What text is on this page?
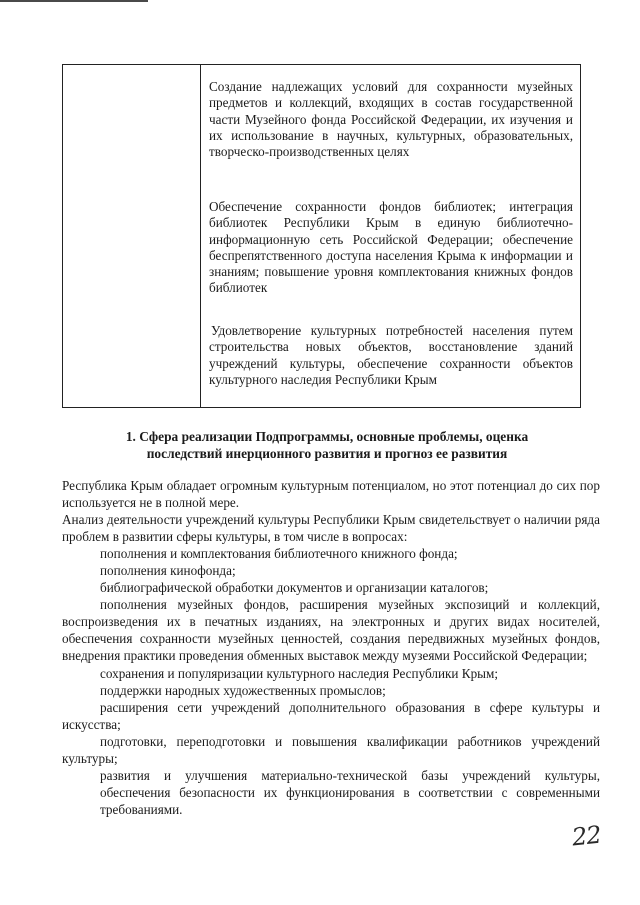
Создание надлежащих условий для сохранности музейных предметов и коллекций, входящих в состав государственной части Музейного фонда Российской Федерации, их изучения и их использование в научных, культурных, образовательных, творческо-производственных целях
Обеспечение сохранности фондов библиотек; интеграция библиотек Республики Крым в единую библиотечно-информационную сеть Российской Федерации; обеспечение беспрепятственного доступа населения Крыма к информации и знаниям; повышение уровня комплектования книжных фондов библиотек
Удовлетворение культурных потребностей населения путем строительства новых объектов, восстановление зданий учреждений культуры, обеспечение сохранности объектов культурного наследия Республики Крым
1. Сфера реализации Подпрограммы, основные проблемы, оценка
последствий инерционного развития и прогноз ее развития

Республика Крым обладает огромным культурным потенциалом, но этот потенциал до сих пор используется не в полной мере.

Анализ деятельности учреждений культуры Республики Крым свидетельствует о наличии ряда проблем в развитии сферы культуры, в том числе в вопросах:

пополнения и комплектования библиотечного книжного фонда;

пополнения кинофонда;

библиографической обработки документов и организации каталогов;

пополнения музейных фондов, расширения музейных экспозиций и коллекций, воспроизведения их в печатных изданиях, на электронных и других видах носителей, обеспечения сохранности музейных ценностей, создания передвижных музейных фондов, внедрения практики проведения обменных выставок между музеями Российской Федерации;

сохранения и популяризации культурного наследия Республики Крым;

поддержки народных художественных промыслов;

расширения сети учреждений дополнительного образования в сфере культуры и искусства;

подготовки, переподготовки и повышения квалификации работников учреждений культуры;

развития и улучшения материально-технической базы учреждений культуры, обеспечения безопасности их функционирования в соответствии с современными требованиями.

22
